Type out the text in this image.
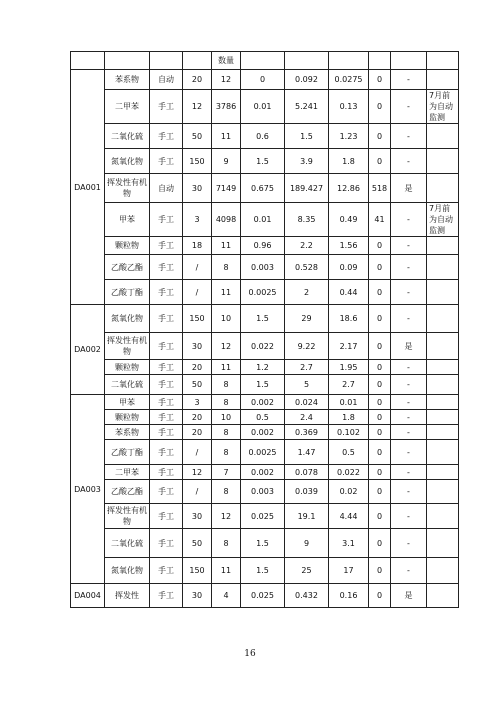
				数量						
DA001	苯系物	自动	20	12	0	0.092	0.0275	0	-	
	二甲苯	手工	12	3786	0.01	5.241	0.13	0	-	7月前为自动监测
	二氧化硫	手工	50	11	0.6	1.5	1.23	0	-	
	氮氧化物	手工	150	9	1.5	3.9	1.8	0	-	
	挥发性有机物	自动	30	7149	0.675	189.427	12.86	518	是	
	甲苯	手工	3	4098	0.01	8.35	0.49	41	-	7月前为自动监测
	颗粒物	手工	18	11	0.96	2.2	1.56	0	-	
	乙酸乙酯	手工	/	8	0.003	0.528	0.09	0	-	
	乙酸丁酯	手工	/	11	0.0025	2	0.44	0	-	
DA002	氮氧化物	手工	150	10	1.5	29	18.6	0	-	
	挥发性有机物	手工	30	12	0.022	9.22	2.17	0	是	
	颗粒物	手工	20	11	1.2	2.7	1.95	0	-	
	二氧化硫	手工	50	8	1.5	5	2.7	0	-	
DA003	甲苯	手工	3	8	0.002	0.024	0.01	0	-	
	颗粒物	手工	20	10	0.5	2.4	1.8	0	-	
	苯系物	手工	20	8	0.002	0.369	0.102	0	-	
	乙酸丁酯	手工	/	8	0.0025	1.47	0.5	0	-	
	二甲苯	手工	12	7	0.002	0.078	0.022	0	-	
	乙酸乙酯	手工	/	8	0.003	0.039	0.02	0	-	
	挥发性有机物	手工	30	12	0.025	19.1	4.44	0	-	
	二氧化硫	手工	50	8	1.5	9	3.1	0	-	
	氮氧化物	手工	150	11	1.5	25	17	0	-	
DA004	挥发性	手工	30	4	0.025	0.432	0.16	0	是	
16
